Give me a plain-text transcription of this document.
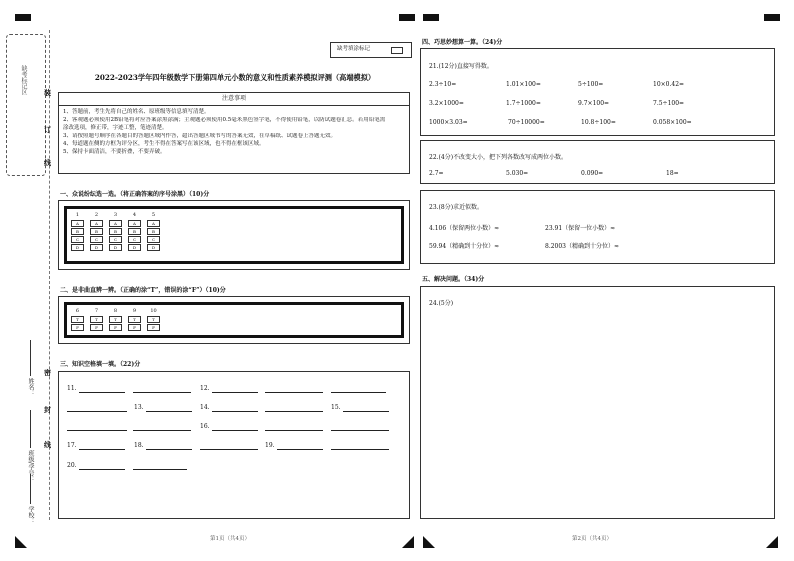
缺考标记区 装
订
线
密
封
线
姓名：
班级/学号：
学校：
缺考填涂标记
2022-2023学年四年级数学下册第四单元小数的意义和性质素养模拟评测（高端模拟）
注意事项
1、答题前，考生先将自己的姓名、原班级等信息填写清楚。
2、客观题必须使用2B铅笔将对应答案涂黑涂满；主观题必须使用0.5毫米黑色签字笔，不得使用铅笔，以防试题卷汇总。若用铅笔需
涂改选项，修正带，字迹工整，笔迹清楚。
3、请按照题号顺序在各题目的答题区域内作答，超出答题区域书写的答案无效，在草稿纸、试题卷上答题无效。
4、每道题在侧的方框为评分区，考生不得在答案写在该区域，也不得在框该区域。
5、保持卡面清洁，不要折叠，不要弄破。
一、众说纷纭选一选。（将正确答案的序号涂黑）（10)分
1
A
B
C
D
2
A
B
C
D
3
A
B
C
D
4
A
B
C
D
5
A
B
C
D
二、是非曲直辨一辨。（正确的涂“T”，错误的涂“F”）（10)分
6
T
F
7
T
F
8
T
F
9
T
F
10
T
F
三、知识空格填一填。（22)分
11.	12.
13.	14.	15.
16.
17.	18.	19.
20.
第1页（共4页）
四、巧思妙想算一算。（24)分
21.(12分)直接写得数。
2.3÷10=	1.01×100=	5÷100=	10×0.42=
3.2×1000=	1.7÷1000=	9.7×100=	7.5÷100=
1000×3.03=	70÷10000=	10.8÷100=	0.058×100=
22.(4分)不改变大小，把下列各数改写成两位小数。
2.7=	5.030=	0.090=	18=
23.(8分)求近似数。
4.106（保留两位小数）≈	23.91（保留一位小数）≈
59.94（精确到十分位）≈	8.2003（精确到十分位）≈
五、解决问题。（34)分
24.(5分)
第2页（共4页）
